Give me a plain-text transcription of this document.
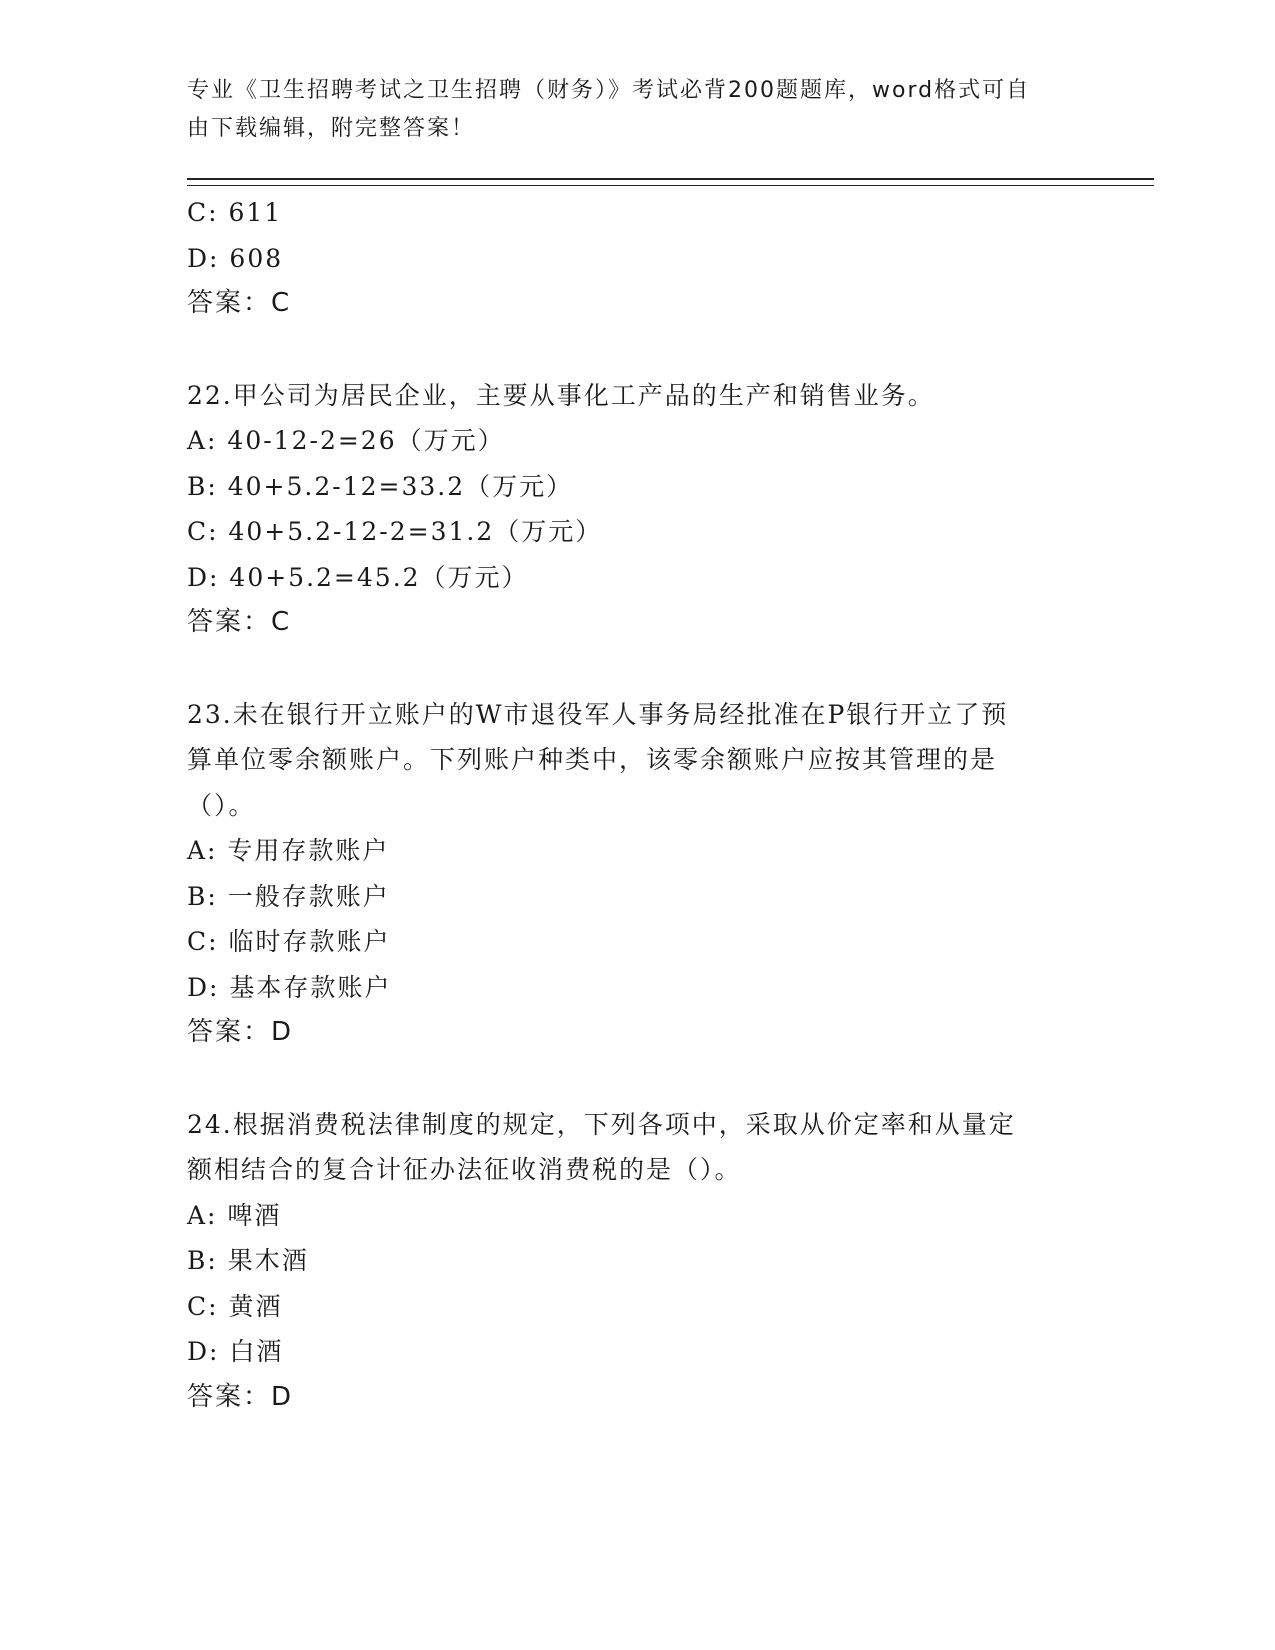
专业《卫生招聘考试之卫生招聘（财务）》考试必背200题题库，word格式可自
由下载编辑，附完整答案！
C: 611
D: 608
答案：C
22.甲公司为居民企业，主要从事化工产品的生产和销售业务。
A: 40-12-2=26（万元）
B: 40+5.2-12=33.2（万元）
C: 40+5.2-12-2=31.2（万元）
D: 40+5.2=45.2（万元）
答案：C
23.未在银行开立账户的W市退役军人事务局经批准在P银行开立了预
算单位零余额账户。下列账户种类中，该零余额账户应按其管理的是
（）。
A: 专用存款账户
B: 一般存款账户
C: 临时存款账户
D: 基本存款账户
答案：D
24.根据消费税法律制度的规定，下列各项中，采取从价定率和从量定
额相结合的复合计征办法征收消费税的是（）。
A: 啤酒
B: 果木酒
C: 黄酒
D: 白酒
答案：D
